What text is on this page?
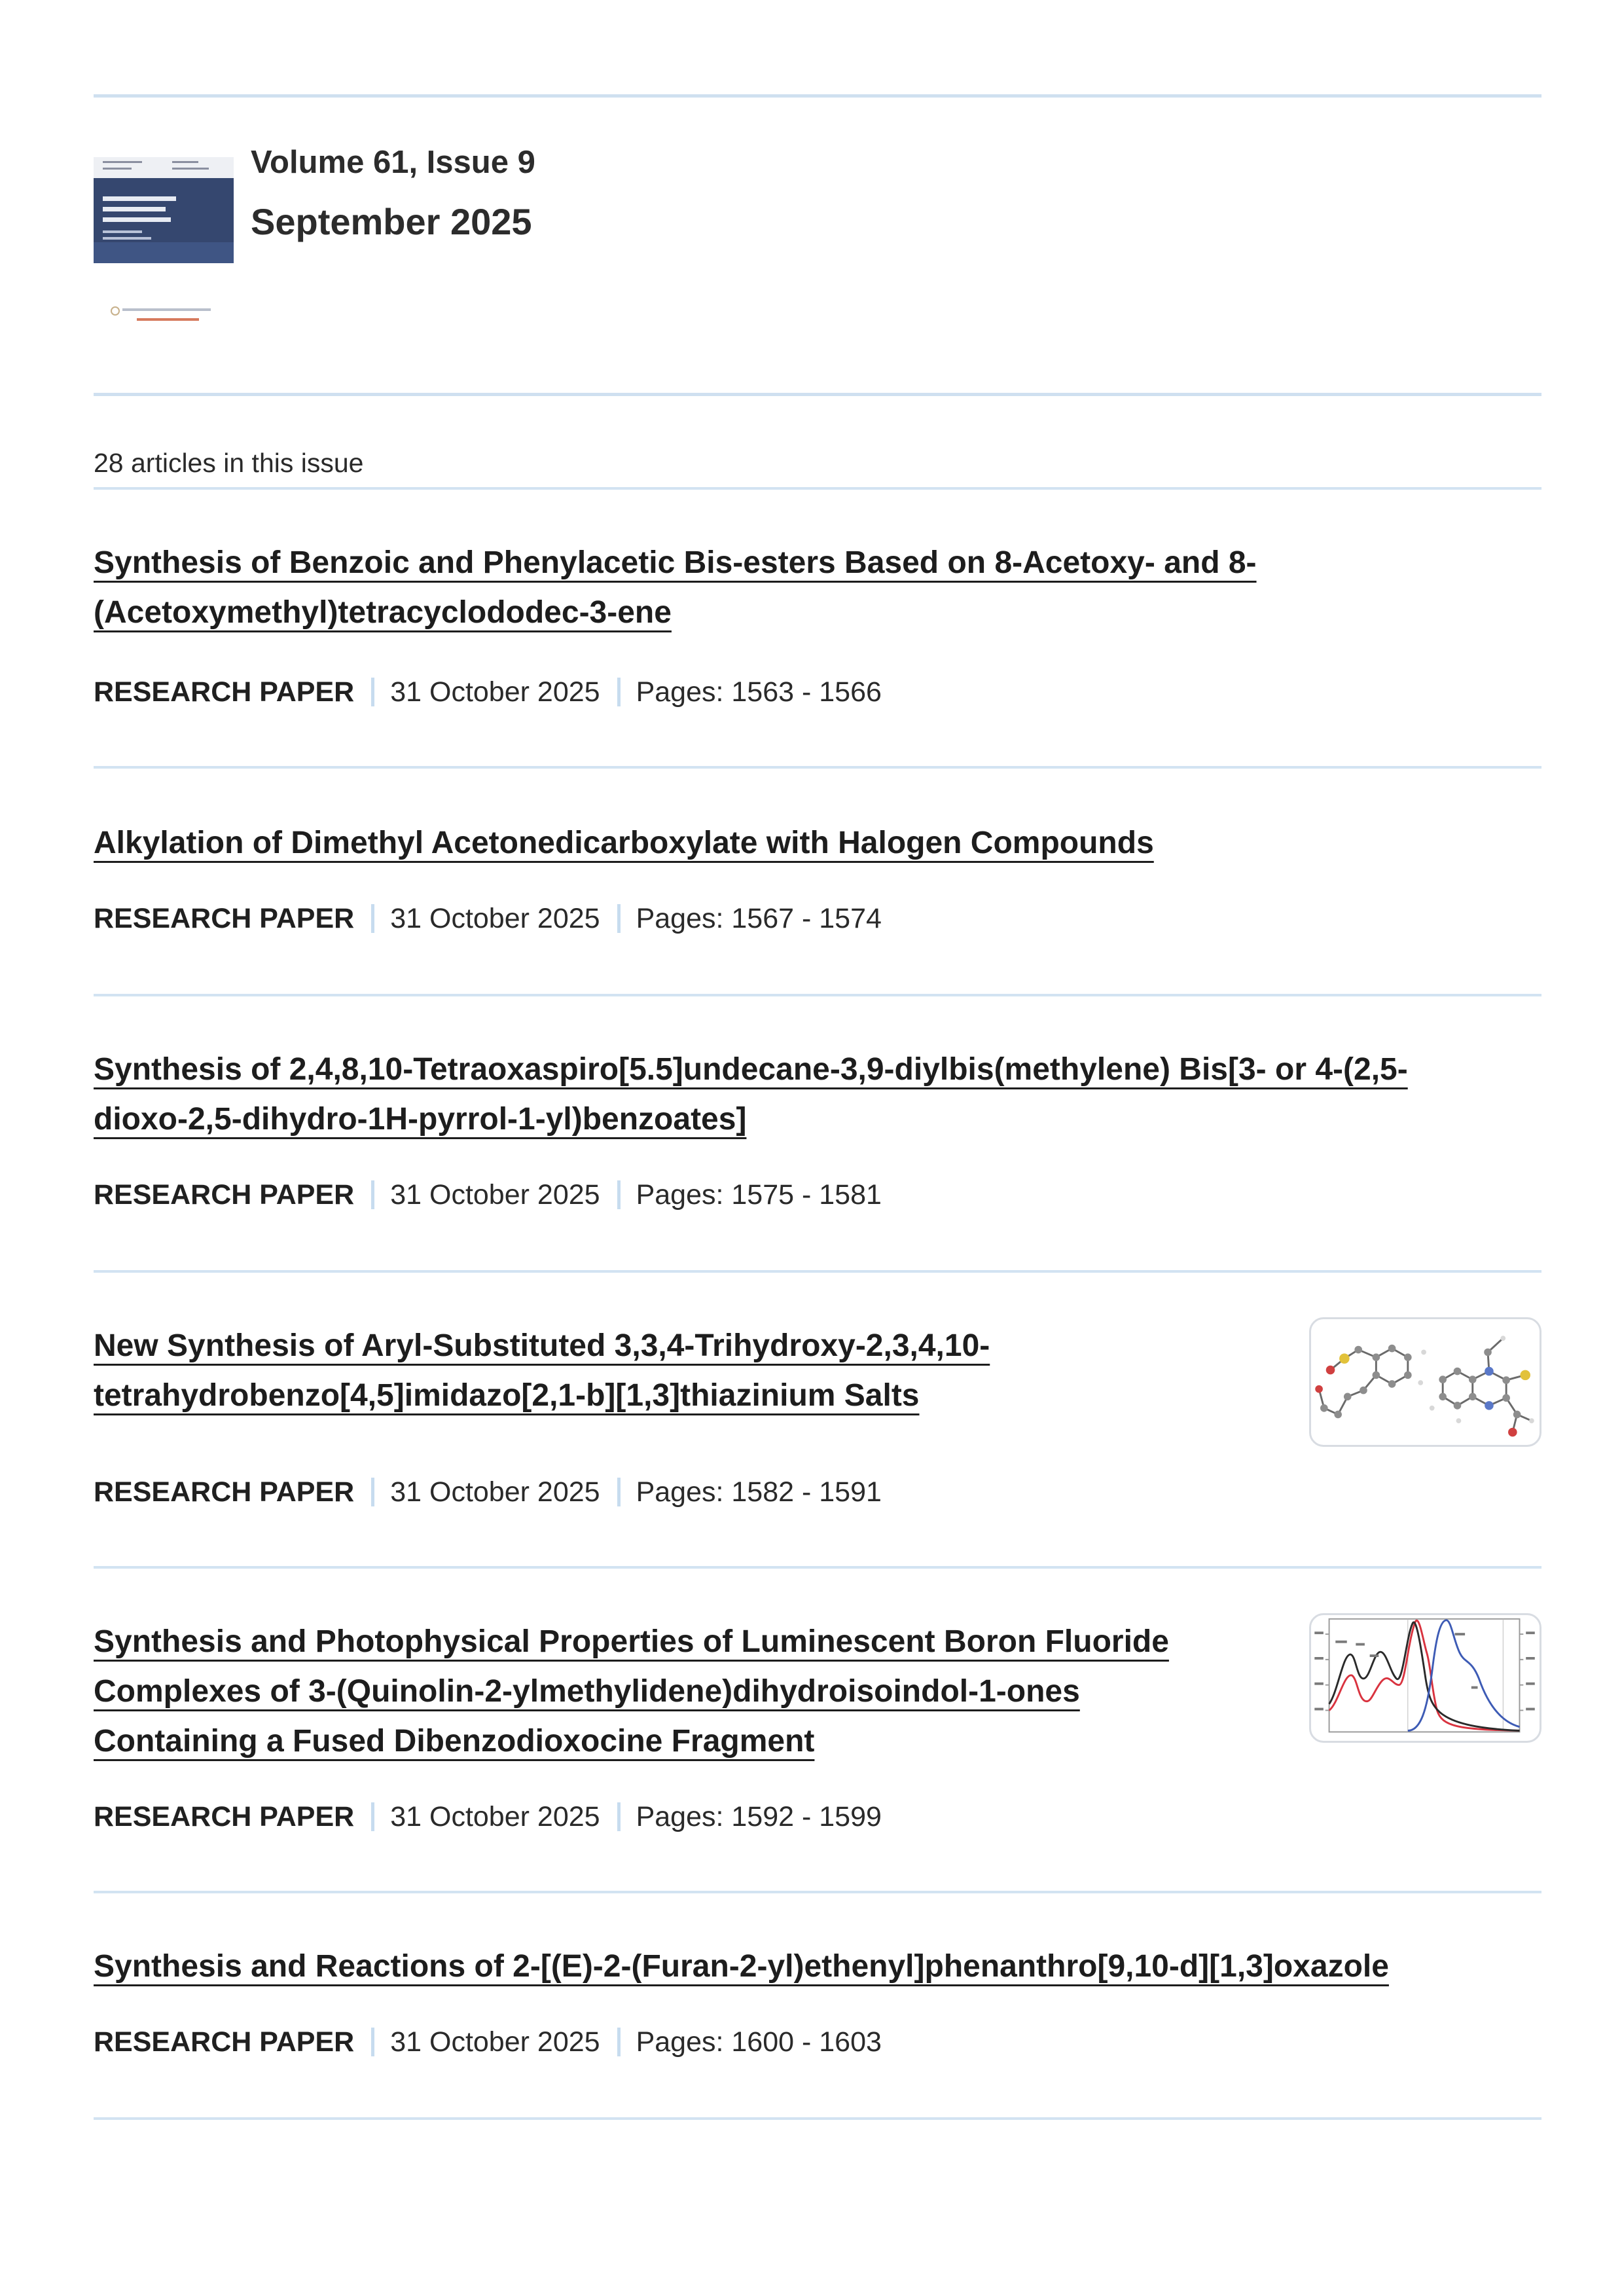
Volume 61, Issue 9
September 2025
28 articles in this issue
Synthesis of Benzoic and Phenylacetic Bis-esters Based on 8-Acetoxy- and 8-
(Acetoxymethyl)tetracyclododec-3-ene
RESEARCH PAPER 31 October 2025 Pages: 1563 - 1566
Alkylation of Dimethyl Acetonedicarboxylate with Halogen Compounds
RESEARCH PAPER 31 October 2025 Pages: 1567 - 1574
Synthesis of 2,4,8,10-Tetraoxaspiro[5.5]undecane-3,9-diylbis(methylene) Bis[3- or 4-(2,5-
dioxo-2,5-dihydro-1H-pyrrol-1-yl)benzoates]
RESEARCH PAPER 31 October 2025 Pages: 1575 - 1581
New Synthesis of Aryl-Substituted 3,3,4-Trihydroxy-2,3,4,10-
tetrahydrobenzo[4,5]imidazo[2,1-b][1,3]thiazinium Salts
RESEARCH PAPER 31 October 2025 Pages: 1582 - 1591
Synthesis and Photophysical Properties of Luminescent Boron Fluoride
Complexes of 3-(Quinolin-2-ylmethylidene)dihydroisoindol-1-ones
Containing a Fused Dibenzodioxocine Fragment
RESEARCH PAPER 31 October 2025 Pages: 1592 - 1599
Synthesis and Reactions of 2-[(E)-2-(Furan-2-yl)ethenyl]phenanthro[9,10-d][1,3]oxazole
RESEARCH PAPER 31 October 2025 Pages: 1600 - 1603
